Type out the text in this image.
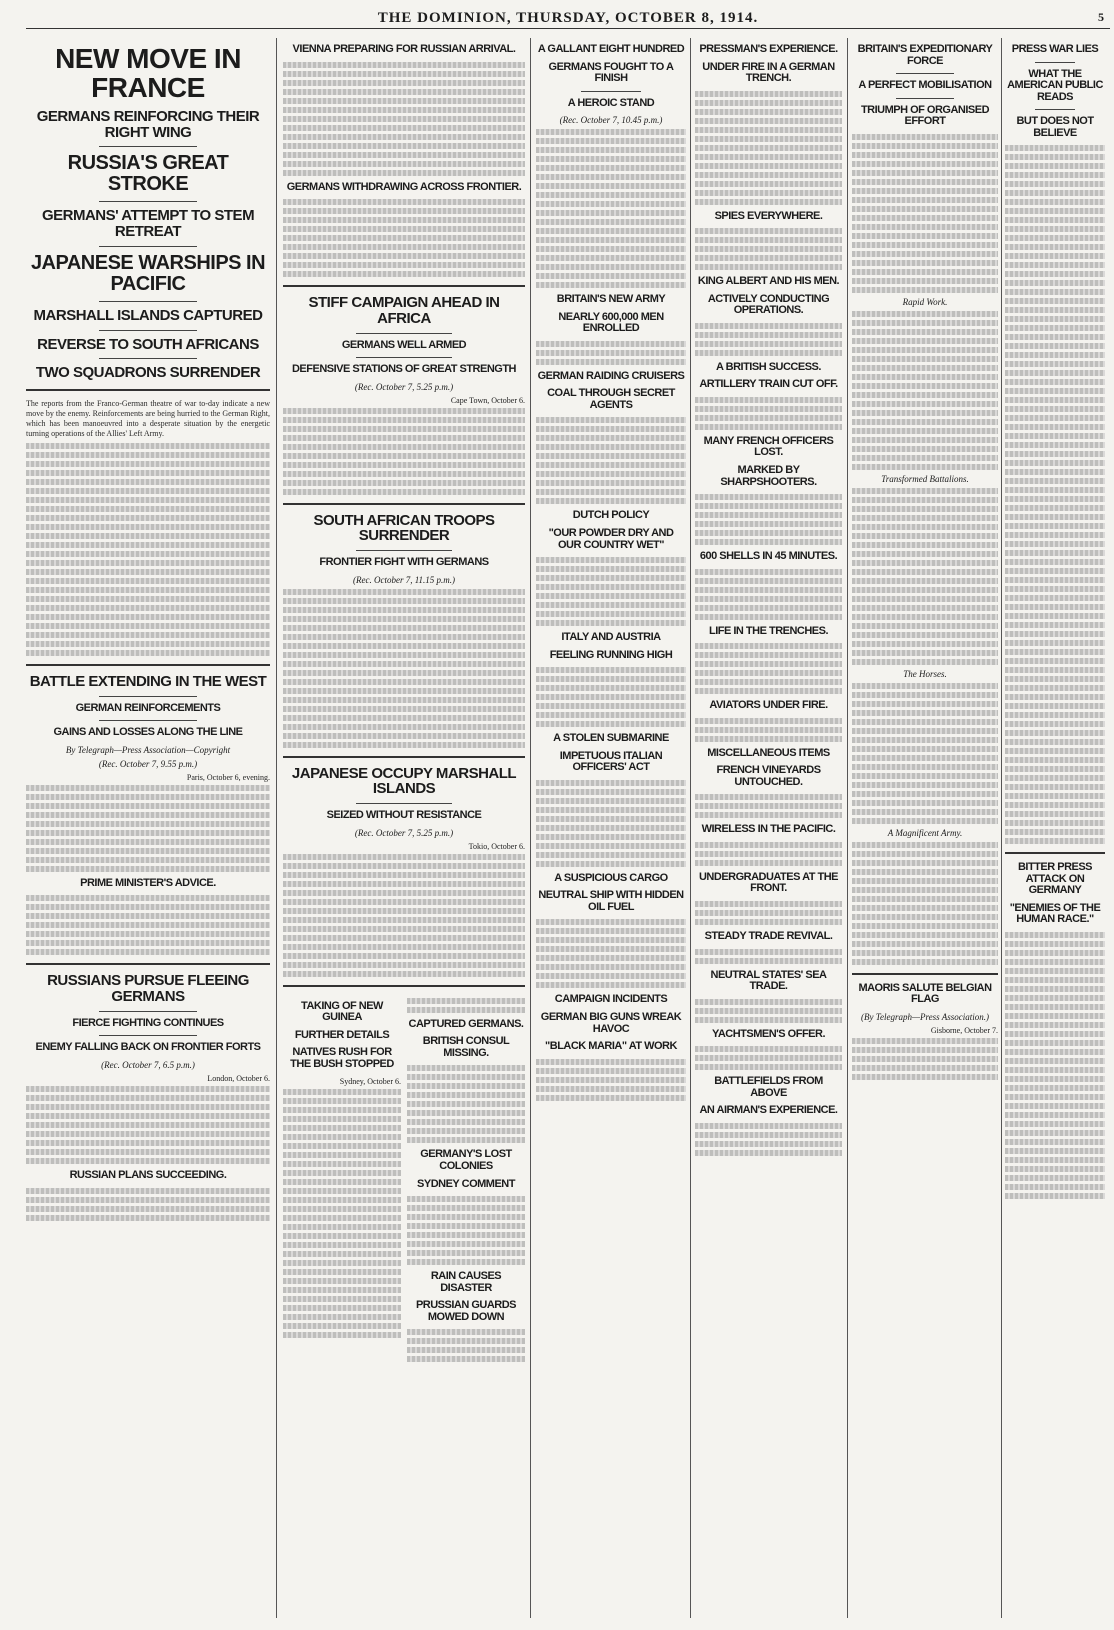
THE DOMINION, THURSDAY, OCTOBER 8, 1914.	5
NEW MOVE IN FRANCE
GERMANS REINFORCING THEIR RIGHT WING
RUSSIA'S GREAT STROKE
GERMANS' ATTEMPT TO STEM RETREAT
JAPANESE WARSHIPS IN PACIFIC
MARSHALL ISLANDS CAPTURED
REVERSE TO SOUTH AFRICANS
TWO SQUADRONS SURRENDER
The reports from the Franco-German theatre of war to-day indicate a new move by the enemy. Reinforcements are being hurried to the German Right, which has been manoeuvred into a desperate situation by the energetic turning operations of the Allies' Left Army.
BATTLE EXTENDING IN THE WEST
GERMAN REINFORCEMENTS
GAINS AND LOSSES ALONG THE LINE
By Telegraph—Press Association—Copyright
(Rec. October 7, 9.55 p.m.)
Paris, October 6, evening.
PRIME MINISTER'S ADVICE.
RUSSIANS PURSUE FLEEING GERMANS
FIERCE FIGHTING CONTINUES
ENEMY FALLING BACK ON FRONTIER FORTS
(Rec. October 7, 6.5 p.m.)
London, October 6.
RUSSIAN PLANS SUCCEEDING.
VIENNA PREPARING FOR RUSSIAN ARRIVAL.
GERMANS WITHDRAWING ACROSS FRONTIER.
STIFF CAMPAIGN AHEAD IN AFRICA
GERMANS WELL ARMED
DEFENSIVE STATIONS OF GREAT STRENGTH
(Rec. October 7, 5.25 p.m.)
Cape Town, October 6.
SOUTH AFRICAN TROOPS SURRENDER
FRONTIER FIGHT WITH GERMANS
(Rec. October 7, 11.15 p.m.)
JAPANESE OCCUPY MARSHALL ISLANDS
SEIZED WITHOUT RESISTANCE
(Rec. October 7, 5.25 p.m.)
Tokio, October 6.
TAKING OF NEW GUINEA
FURTHER DETAILS
NATIVES RUSH FOR THE BUSH STOPPED
Sydney, October 6.
CAPTURED GERMANS.
BRITISH CONSUL MISSING.
GERMANY'S LOST COLONIES
SYDNEY COMMENT
RAIN CAUSES DISASTER
PRUSSIAN GUARDS MOWED DOWN
A GALLANT EIGHT HUNDRED
GERMANS FOUGHT TO A FINISH
A HEROIC STAND
(Rec. October 7, 10.45 p.m.)
BRITAIN'S NEW ARMY
NEARLY 600,000 MEN ENROLLED
GERMAN RAIDING CRUISERS
COAL THROUGH SECRET AGENTS
DUTCH POLICY
"OUR POWDER DRY AND OUR COUNTRY WET"
ITALY AND AUSTRIA
FEELING RUNNING HIGH
A STOLEN SUBMARINE
IMPETUOUS ITALIAN OFFICERS' ACT
A SUSPICIOUS CARGO
NEUTRAL SHIP WITH HIDDEN OIL FUEL
CAMPAIGN INCIDENTS
GERMAN BIG GUNS WREAK HAVOC
"BLACK MARIA" AT WORK
PRESSMAN'S EXPERIENCE.
UNDER FIRE IN A GERMAN TRENCH.
SPIES EVERYWHERE.
KING ALBERT AND HIS MEN.
ACTIVELY CONDUCTING OPERATIONS.
A BRITISH SUCCESS.
ARTILLERY TRAIN CUT OFF.
MANY FRENCH OFFICERS LOST.
MARKED BY SHARPSHOOTERS.
600 SHELLS IN 45 MINUTES.
LIFE IN THE TRENCHES.
AVIATORS UNDER FIRE.
MISCELLANEOUS ITEMS
FRENCH VINEYARDS UNTOUCHED.
WIRELESS IN THE PACIFIC.
UNDERGRADUATES AT THE FRONT.
STEADY TRADE REVIVAL.
NEUTRAL STATES' SEA TRADE.
YACHTSMEN'S OFFER.
BATTLEFIELDS FROM ABOVE
AN AIRMAN'S EXPERIENCE.
BRITAIN'S EXPEDITIONARY FORCE
A PERFECT MOBILISATION
TRIUMPH OF ORGANISED EFFORT
Rapid Work.
Transformed Battalions.
The Horses.
A Magnificent Army.
MAORIS SALUTE BELGIAN FLAG
(By Telegraph—Press Association.)
Gisborne, October 7.
PRESS WAR LIES
WHAT THE AMERICAN PUBLIC READS
BUT DOES NOT BELIEVE
BITTER PRESS ATTACK ON GERMANY
"ENEMIES OF THE HUMAN RACE."
